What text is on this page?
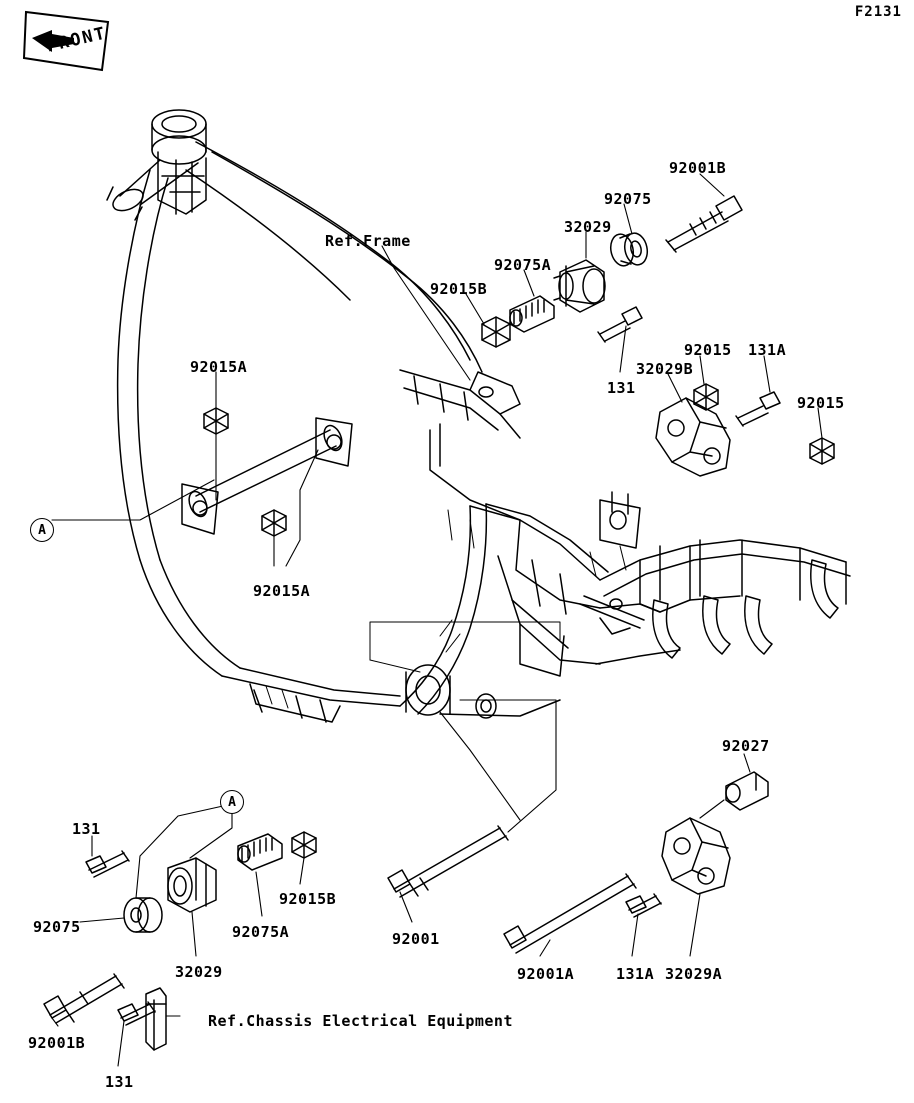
F2131
FRONT
92001B
92075
32029
92075A
92015B
131
32029B
92015 131A
92015
92015A
92015A
92027
131
92075
92015B
92075A
32029
92001
92001A	131A 32029A
92001B
131
Ref.Frame
Ref.Chassis Electrical Equipment
A
A
